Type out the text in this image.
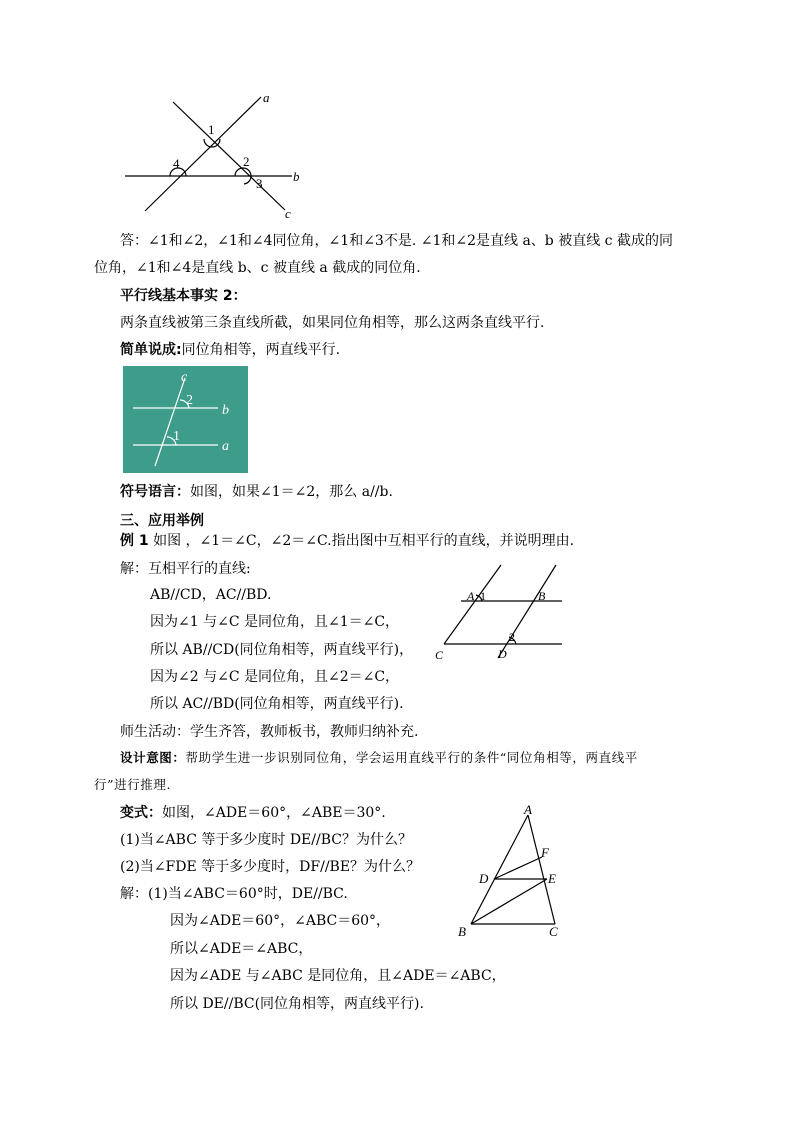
a
b
c
1
2
3
4
答：∠1和∠2，∠1和∠4同位角，∠1和∠3不是. ∠1和∠2是直线 a、b 被直线 c 截成的同
位角，∠1和∠4是直线 b、c 被直线 a 截成的同位角.
平行线基本事实 2：
两条直线被第三条直线所截，如果同位角相等，那么这两条直线平行.
简单说成:同位角相等，两直线平行.
c
b
a
2
1
符号语言：如图，如果∠1＝∠2，那么 a//b.
三、应用举例
例 1 如图 ，∠1＝∠C，∠2＝∠C.指出图中互相平行的直线，并说明理由.
解：互相平行的直线:
AB//CD，AC//BD.
因为∠1 与∠C 是同位角，且∠1＝∠C，
所以 AB//CD(同位角相等，两直线平行)，
因为∠2 与∠C 是同位角，且∠2＝∠C，
所以 AC//BD(同位角相等，两直线平行).
A 1	B
2
C	D
师生活动：学生齐答，教师板书，教师归纳补充.
设计意图：帮助学生进一步识别同位角，学会运用直线平行的条件“同位角相等，两直线平
行”进行推理.
变式：如图，∠ADE＝60°，∠ABE＝30°.
(1)当∠ABC 等于多少度时 DE//BC？为什么？
(2)当∠FDE 等于多少度时，DF//BE？为什么？
解：(1)当∠ABC＝60°时，DE//BC.
因为∠ADE＝60°，∠ABC＝60°，
所以∠ADE＝∠ABC，
因为∠ADE 与∠ABC 是同位角，且∠ADE＝∠ABC，
所以 DE//BC(同位角相等，两直线平行).
A
F
D	E
B	C
